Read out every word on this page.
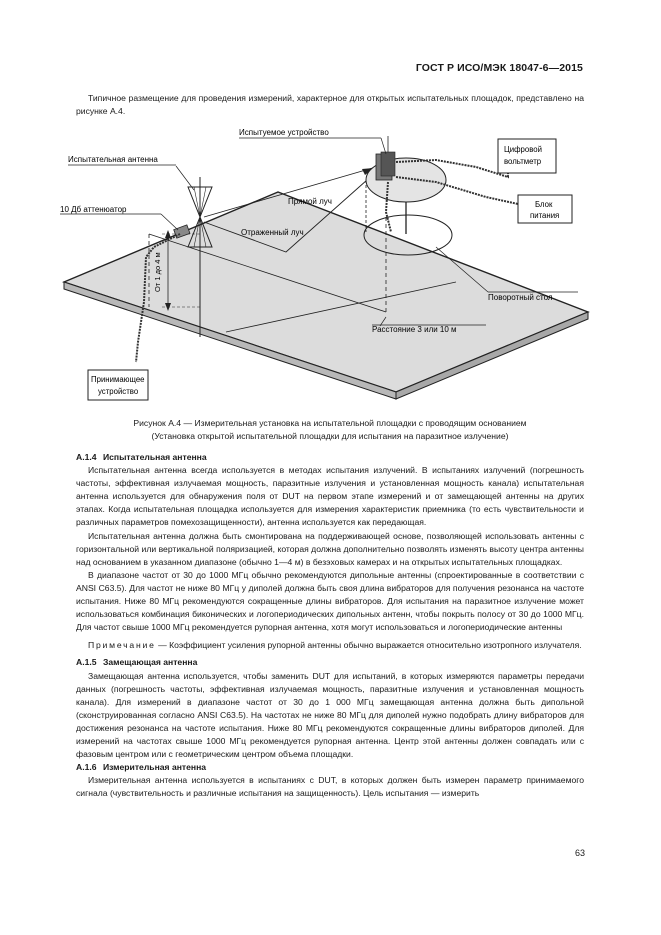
ГОСТ Р ИСО/МЭК 18047-6—2015

Типичное размещение для проведения измерений, характерное для открытых испытательных площадок, представлено на рисунке А.4.

От 1 до 4 м
Цифровой
вольтметр
Блок
питания
Принимающее
устройство
Испытательная антенна
10 Дб аттенюатор
Испытуемое устройство
Прямой луч
Отраженный луч
Поворотный стол
Расстояние 3 или 10 м
Рисунок А.4 — Измерительная установка на испытательной площадки с проводящим основанием
(Установка открытой испытательной площадки для испытания на паразитное излучение)

А.1.4 Испытательная антенна

Испытательная антенна всегда используется в методах испытания излучений. В испытаниях излучений (погрешность частоты, эффективная излучаемая мощность, паразитные излучения и установленная мощность канала) испытательная антенна используется для обнаружения поля от DUT на первом этапе измерений и от замещающей антенны на других этапах. Когда испытательная площадка используется для измерения характеристик приемника (то есть чувствительности и различных параметров помехозащищенности), антенна используется как передающая.

Испытательная антенна должна быть смонтирована на поддерживающей основе, позволяющей использовать антенны с горизонтальной или вертикальной поляризацией, которая должна дополнительно позволять изменять высоту центра антенны над основанием в указанном диапазоне (обычно 1—4 м) в безэховых камерах и на открытых испытательных площадках.

В диапазоне частот от 30 до 1000 МГц обычно рекомендуются дипольные антенны (спроектированные в соответствии с ANSI C63.5). Для частот не ниже 80 МГц у диполей должна быть своя длина вибраторов для получения резонанса на частоте испытания. Ниже 80 МГц рекомендуются сокращенные длины вибраторов. Для испытания на паразитное излучение может использоваться комбинация биконических и логопериодических дипольных антенн, чтобы покрыть полосу от 30 до 1000 МГц. Для частот свыше 1000 МГц рекомендуется рупорная антенна, хотя могут использоваться и логопериодические антенны

Примечание — Коэффициент усиления рупорной антенны обычно выражается относительно изотропного излучателя.

А.1.5 Замещающая антенна

Замещающая антенна используется, чтобы заменить DUT для испытаний, в которых измеряются параметры передачи данных (погрешность частоты, эффективная излучаемая мощность, паразитные излучения и установленная мощность канала). Для измерений в диапазоне частот от 30 до 1 000 МГц замещающая антенна должна быть дипольной (сконструированная согласно ANSI C63.5). На частотах не ниже 80 МГц для диполей нужно подобрать длину вибраторов для достижения резонанса на частоте испытания. Ниже 80 МГц рекомендуются сокращенные длины вибраторов диполей. Для измерений на частотах свыше 1000 МГц рекомендуется рупорная антенна. Центр этой антенны должен совпадать или с фазовым центром или с геометрическим центром объема площадки.

А.1.6 Измерительная антенна

Измерительная антенна используется в испытаниях с DUT, в которых должен быть измерен параметр принимаемого сигнала (чувствительность и различные испытания на защищенность). Цель испытания — измерить

63
